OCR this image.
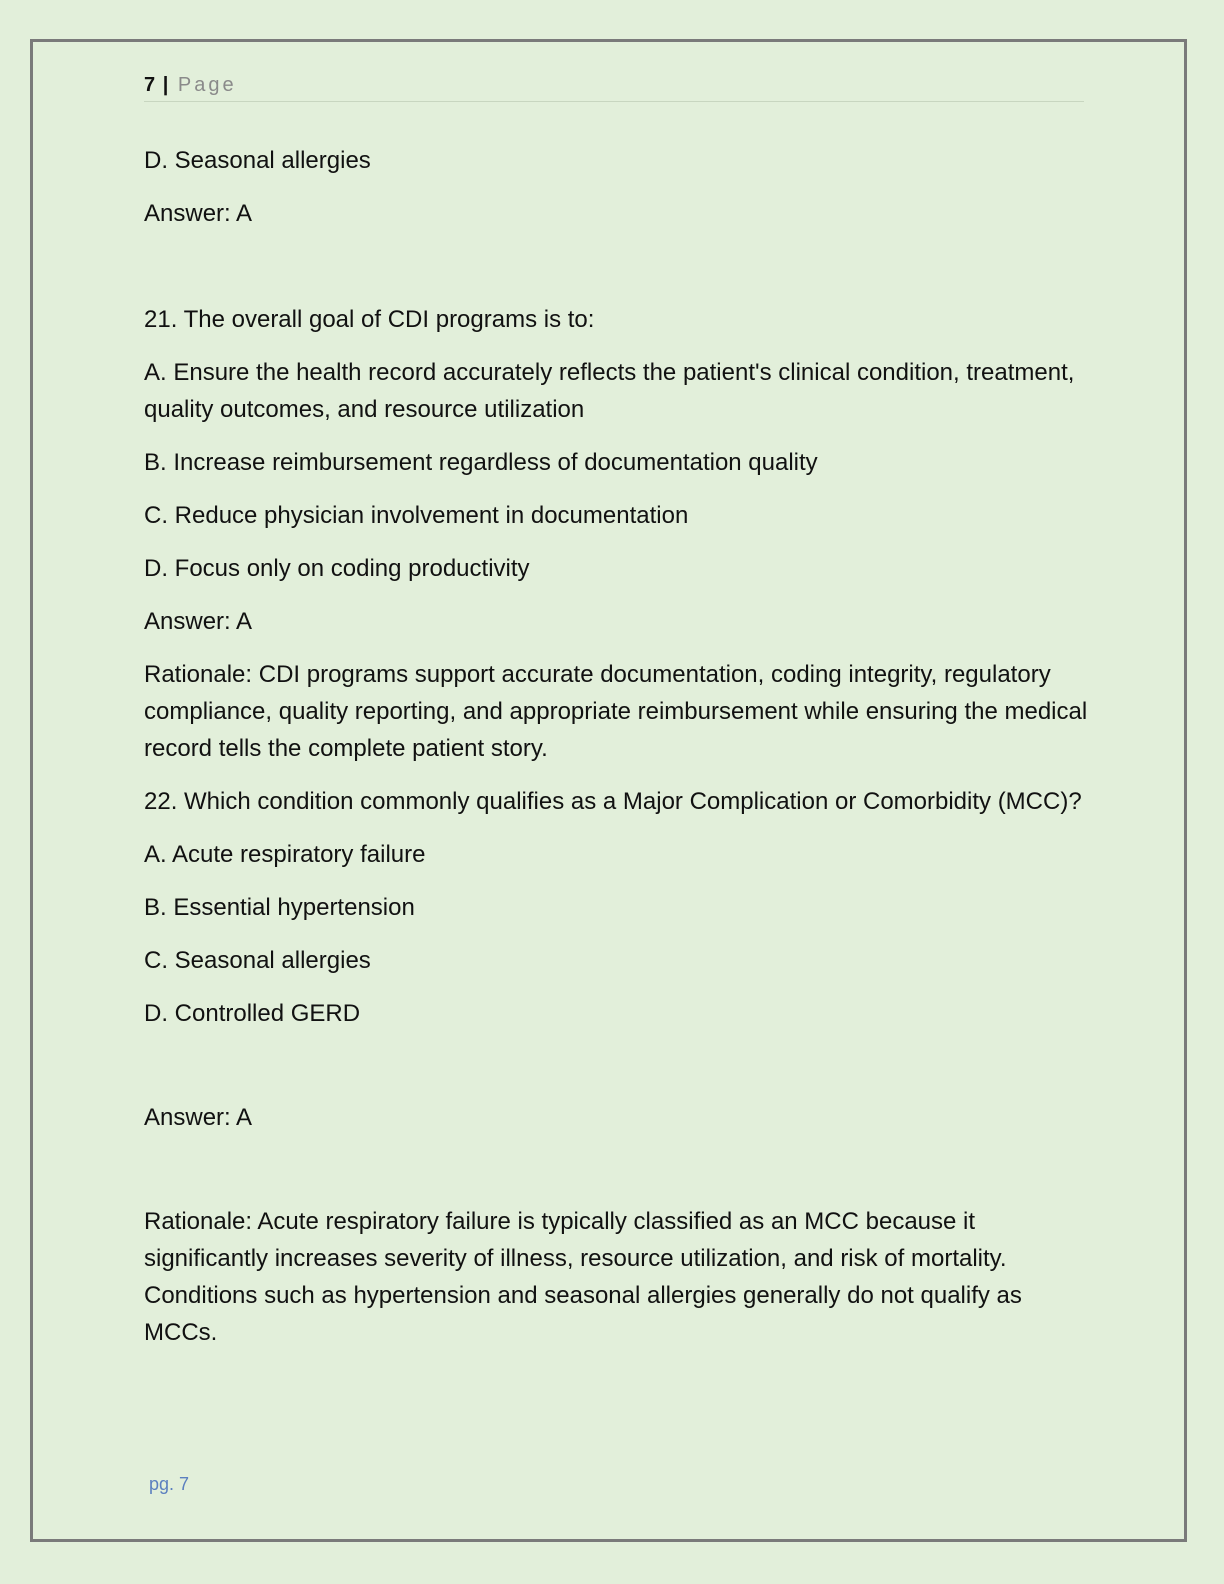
7 | Page

D. Seasonal allergies

Answer: A

21. The overall goal of CDI programs is to:

A. Ensure the health record accurately reflects the patient's clinical condition, treatment, quality outcomes, and resource utilization

B. Increase reimbursement regardless of documentation quality

C. Reduce physician involvement in documentation

D. Focus only on coding productivity

Answer: A

Rationale: CDI programs support accurate documentation, coding integrity, regulatory compliance, quality reporting, and appropriate reimbursement while ensuring the medical record tells the complete patient story.

22. Which condition commonly qualifies as a Major Complication or Comorbidity (MCC)?

A. Acute respiratory failure

B. Essential hypertension

C. Seasonal allergies

D. Controlled GERD

Answer: A

Rationale: Acute respiratory failure is typically classified as an MCC because it significantly increases severity of illness, resource utilization, and risk of mortality. Conditions such as hypertension and seasonal allergies generally do not qualify as MCCs.

pg. 7
